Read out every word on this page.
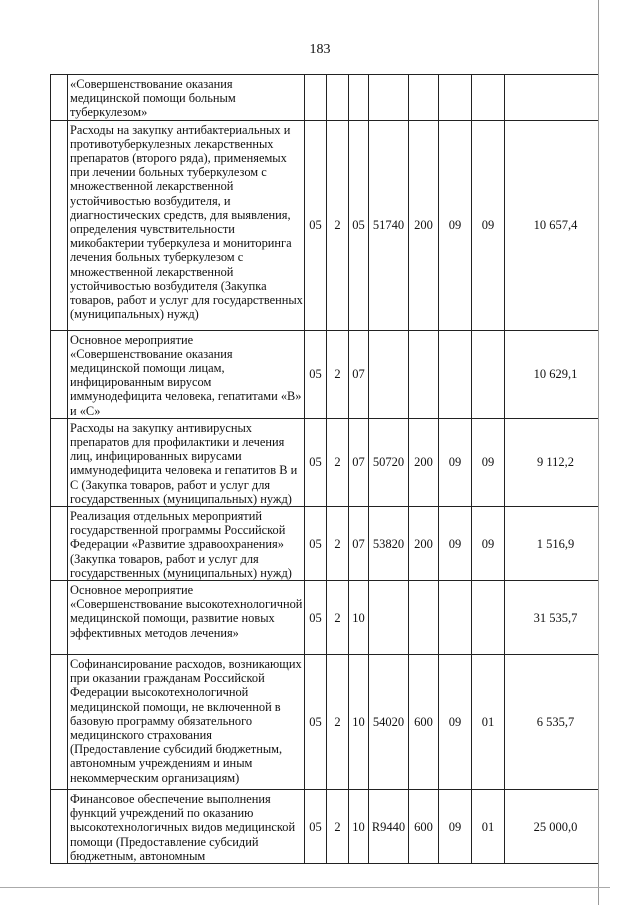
183
	«Совершенствование оказания медицинской помощи больным туберкулезом»								
	Расходы на закупку антибактериальных и противотуберкулезных лекарственных препаратов (второго ряда), применяемых при лечении больных туберкулезом с множественной лекарственной устойчивостью возбудителя, и диагностических средств, для выявления, определения чувствительности микобактерии туберкулеза и мониторинга лечения больных туберкулезом с множественной лекарственной устойчивостью возбудителя (Закупка товаров, работ и услуг для государственных (муниципальных) нужд)	05	2	05	51740	200	09	09	10 657,4
	Основное мероприятие «Совершенствование оказания медицинской помощи лицам, инфицированным вирусом иммунодефицита человека, гепатитами «В» и «С»	05	2	07					10 629,1
	Расходы на закупку антивирусных препаратов для профилактики и лечения лиц, инфицированных вирусами иммунодефицита человека и гепатитов В и С (Закупка товаров, работ и услуг для государственных (муниципальных) нужд)	05	2	07	50720	200	09	09	9 112,2
	Реализация отдельных мероприятий государственной программы Российской Федерации «Развитие здравоохранения» (Закупка товаров, работ и услуг для государственных (муниципальных) нужд)	05	2	07	53820	200	09	09	1 516,9
	Основное мероприятие «Совершенствование высокотехнологичной медицинской помощи, развитие новых эффективных методов лечения»	05	2	10					31 535,7
	Софинансирование расходов, возникающих при оказании гражданам Российской Федерации высокотехнологичной медицинской помощи, не включенной в базовую программу обязательного медицинского страхования (Предоставление субсидий бюджетным, автономным учреждениям и иным некоммерческим организациям)	05	2	10	54020	600	09	01	6 535,7
	Финансовое обеспечение выполнения функций учреждений по оказанию высокотехнологичных видов медицинской помощи (Предоставление субсидий бюджетным, автономным	05	2	10	R9440	600	09	01	25 000,0
